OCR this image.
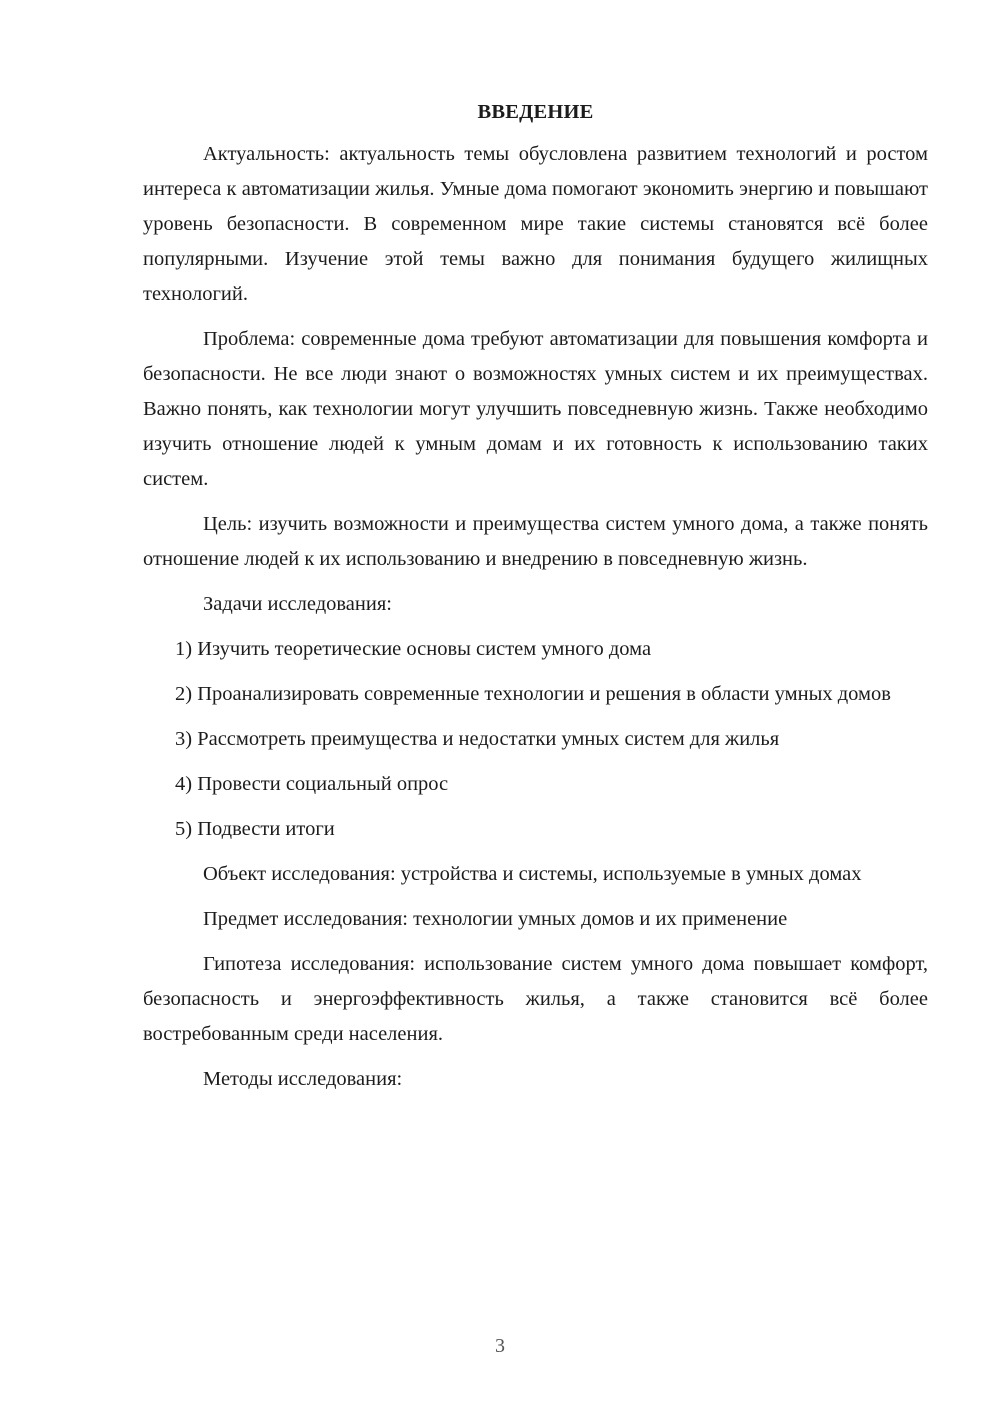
ВВЕДЕНИЕ

Актуальность: актуальность темы обусловлена развитием технологий и ростом интереса к автоматизации жилья. Умные дома помогают экономить энергию и повышают уровень безопасности. В современном мире такие системы становятся всё более популярными. Изучение этой темы важно для понимания будущего жилищных технологий.

Проблема: современные дома требуют автоматизации для повышения комфорта и безопасности. Не все люди знают о возможностях умных систем и их преимуществах. Важно понять, как технологии могут улучшить повседневную жизнь. Также необходимо изучить отношение людей к умным домам и их готовность к использованию таких систем.

Цель: изучить возможности и преимущества систем умного дома, а также понять отношение людей к их использованию и внедрению в повседневную жизнь.

Задачи исследования:

1) Изучить теоретические основы систем умного дома

2) Проанализировать современные технологии и решения в области умных домов

3) Рассмотреть преимущества и недостатки умных систем для жилья

4) Провести социальный опрос

5) Подвести итоги

Объект исследования: устройства и системы, используемые в умных домах

Предмет исследования: технологии умных домов и их применение

Гипотеза исследования: использование систем умного дома повышает комфорт, безопасность и энергоэффективность жилья, а также становится всё более востребованным среди населения.

Методы исследования:

3
